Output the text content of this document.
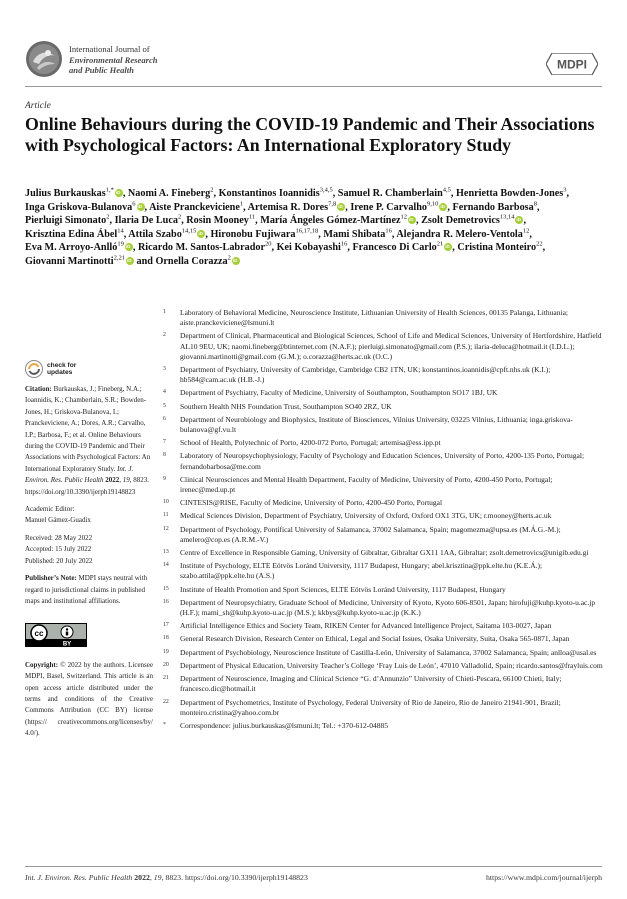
International Journal of
Environmental Research
and Public Health	MDPI
Article
Online Behaviours during the COVID-19 Pandemic and Their Associations with Psychological Factors: An International Exploratory Study
Julius Burkauskas$^{1,*}$ iD , Naomi A. Fineberg$^2$, Konstantinos Ioannidis$^{3,4,5}$, Samuel R. Chamberlain$^{4,5}$, Henrietta Bowden-Jones$^3$, Inga Griskova-Bulanova$^6$ iD , Aiste Pranckeviciene$^1$, Artemisa R. Dores$^{7,8}$ iD , Irene P. Carvalho$^{9,10}$ iD , Fernando Barbosa$^8$, Pierluigi Simonato$^2$, Ilaria De Luca$^2$, Rosin Mooney$^{11}$, María Ángeles Gómez-Martínez$^{12}$ iD , Zsolt Demetrovics$^{13,14}$ iD , Krisztina Edina Ábel$^{14}$, Attila Szabo$^{14,15}$ iD , Hironobu Fujiwara$^{16,17,18}$, Mami Shibata$^{16}$, Alejandra R. Melero-Ventola$^{12}$, Eva M. Arroyo-Anlló$^{19}$ iD , Ricardo M. Santos-Labrador$^{20}$, Kei Kobayashi$^{16}$, Francesco Di Carlo$^{21}$ iD , Cristina Monteiro$^{22}$, Giovanni Martinotti$^{2,21}$iD and Ornella Corazza$^2$iD
check for
updates

Citation: Burkauskas, J.; Fineberg, N.A.; Ioannidis, K.; Chamberlain, S.R.; Bowden-Jones, H.; Griskova-Bulanova, I.; Pranckeviciene, A.; Dores, A.R.; Carvalho, I.P.; Barbosa, F.; et al. Online Behaviours during the COVID-19 Pandemic and Their Associations with Psychological Factors: An International Exploratory Study. Int. J. Environ. Res. Public Health 2022, 19, 8823. https://doi.org/10.3390/ijerph19148823

Academic Editor:
Manuel Gámez-Guadix

Received: 28 May 2022
Accepted: 15 July 2022
Published: 20 July 2022

Publisher’s Note: MDPI stays neutral with regard to jurisdictional claims in published maps and institutional affiliations.

cc
BY

Copyright: © 2022 by the authors. Licensee MDPI, Basel, Switzerland. This article is an open access article distributed under the terms and conditions of the Creative Commons Attribution (CC BY) license (https:// creativecommons.org/licenses/by/ 4.0/).

1	Laboratory of Behavioral Medicine, Neuroscience Institute, Lithuanian University of Health Sciences, 00135 Palanga, Lithuania; aiste.pranckeviciene@lsmuni.lt
2	Department of Clinical, Pharmaceutical and Biological Sciences, School of Life and Medical Sciences, University of Hertfordshire, Hatfield AL10 9EU, UK; naomi.fineberg@btinternet.com (N.A.F.); pierluigi.simonato@gmail.com (P.S.); ilaria-deluca@hotmail.it (I.D.L.); giovanni.martinotti@gmail.com (G.M.); o.corazza@herts.ac.uk (O.C.)
3	Department of Psychiatry, University of Cambridge, Cambridge CB2 1TN, UK; konstantinos.ioannidis@cpft.nhs.uk (K.I.); hb584@cam.ac.uk (H.B.-J.)
4	Department of Psychiatry, Faculty of Medicine, University of Southampton, Southampton SO17 1BJ, UK
5	Southern Health NHS Foundation Trust, Southampton SO40 2RZ, UK
6	Department of Neurobiology and Biophysics, Institute of Biosciences, Vilnius University, 03225 Vilnius, Lithuania; inga.griskova-bulanova@gf.vu.lt
7	School of Health, Polytechnic of Porto, 4200-072 Porto, Portugal; artemisa@ess.ipp.pt
8	Laboratory of Neuropsychophysiology, Faculty of Psychology and Education Sciences, University of Porto, 4200-135 Porto, Portugal; fernandobarbosa@me.com
9	Clinical Neurosciences and Mental Health Department, Faculty of Medicine, University of Porto, 4200-450 Porto, Portugal; irenec@med.up.pt
10	CINTESIS@RISE, Faculty of Medicine, University of Porto, 4200-450 Porto, Portugal
11	Medical Sciences Division, Department of Psychiatry, University of Oxford, Oxford OX1 3TG, UK; r.mooney@herts.ac.uk
12	Department of Psychology, Pontifical University of Salamanca, 37002 Salamanca, Spain; magomezma@upsa.es (M.Á.G.-M.); amelero@cop.es (A.R.M.-V.)
13	Centre of Excellence in Responsible Gaming, University of Gibraltar, Gibraltar GX11 1AA, Gibraltar; zsolt.demetrovics@unigib.edu.gi
14	Institute of Psychology, ELTE Eötvös Loránd University, 1117 Budapest, Hungary; abel.krisztina@ppk.elte.hu (K.E.Á.); szabo.attila@ppk.elte.hu (A.S.)
15	Institute of Health Promotion and Sport Sciences, ELTE Eötvös Loránd University, 1117 Budapest, Hungary
16	Department of Neuropsychiatry, Graduate School of Medicine, University of Kyoto, Kyoto 606-8501, Japan; hirofuji@kuhp.kyoto-u.ac.jp (H.F.); mami_sh@kuhp.kyoto-u.ac.jp (M.S.); kkbys@kuhp.kyoto-u.ac.jp (K.K.)
17	Artificial Intelligence Ethics and Society Team, RIKEN Center for Advanced Intelligence Project, Saitama 103-0027, Japan
18	General Research Division, Research Center on Ethical, Legal and Social Issues, Osaka University, Suita, Osaka 565-0871, Japan
19	Department of Psychobiology, Neuroscience Institute of Castilla-León, University of Salamanca, 37002 Salamanca, Spain; anlloa@usal.es
20	Department of Physical Education, University Teacher’s College ‘Fray Luis de León’, 47010 Valladolid, Spain; ricardo.santos@frayluis.com
21	Department of Neuroscience, Imaging and Clinical Science “G. d’Annunzio” University of Chieti-Pescara, 66100 Chieti, Italy; francesco.dic@hotmail.it
22	Department of Psychometrics, Institute of Psychology, Federal University of Rio de Janeiro, Rio de Janeiro 21941-901, Brazil; monteiro.cristina@yahoo.com.br
*	Correspondence: julius.burkauskas@lsmuni.lt; Tel.: +370-612-04885
Int. J. Environ. Res. Public Health 2022, 19, 8823. https://doi.org/10.3390/ijerph19148823	https://www.mdpi.com/journal/ijerph
